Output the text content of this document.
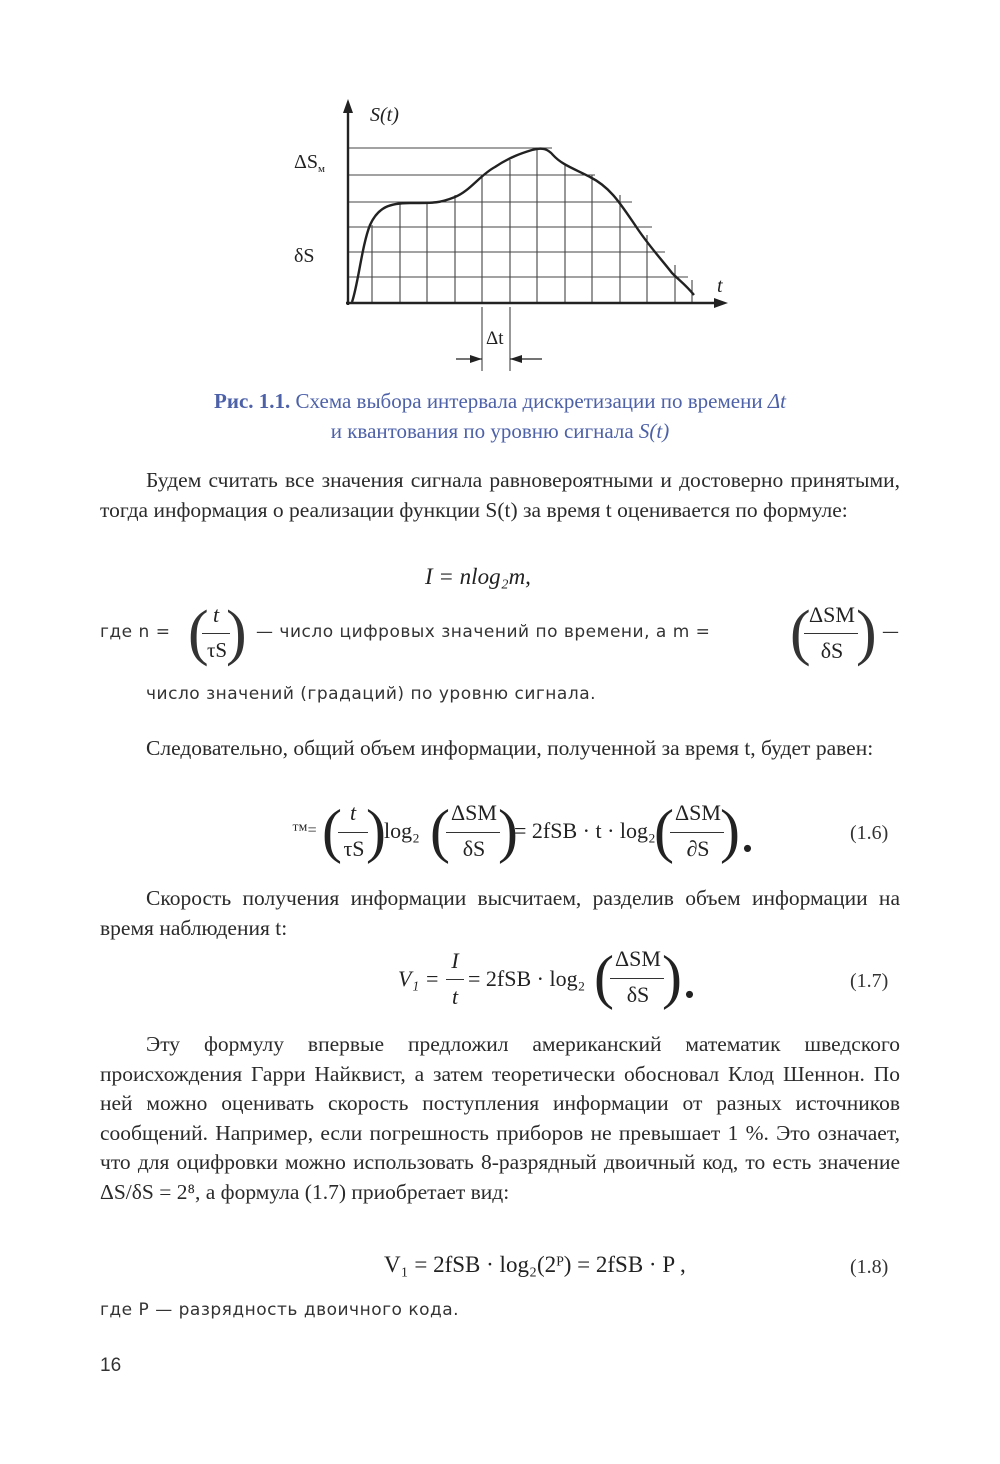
S(t)
t
$\Delta S_м$
δS
Δt
Рис. 1.1. Схема выбора интервала дискретизации по времени Δt
и квантования по уровню сигнала S(t)
Будем считать все значения сигнала равновероятными и достоверно принятыми, тогда информация о реализации функции S(t) за время t оценивается по формуле:
I = nlog₂m,
где n = ( t
τS
) — число цифровых значений по времени, а m = (
ΔSM
δS ) —
число значений (градаций) по уровню сигнала.
Следовательно, общий объем информации, полученной за время t, будет равен:
™= ( t
τS )
log₂ ( ΔSM
δS )
= 2fSB · t · log₂
( ΔSM
∂S ).	(1.6)
Скорость получения информации высчитаем, разделив объем информации на время наблюдения t:
V₁ =
I
t
= 2fSB · log₂ ( ΔSM
δS ).	(1.7)
Эту формулу впервые предложил американский математик шведского происхождения Гарри Найквист, а затем теоретически обосновал Клод Шеннон. По ней можно оценивать скорость поступления информации от разных источников сообщений. Например, если погрешность приборов не превышает 1 %. Это означает, что для оцифровки можно использовать 8-разрядный двоичный код, то есть значение ΔS/δS = 2⁸, а формула (1.7) приобретает вид:
V₁ = 2fSB · log₂(2ᴾ) = 2fSB · P ,	(1.8)
где P — разрядность двоичного кода.
16
